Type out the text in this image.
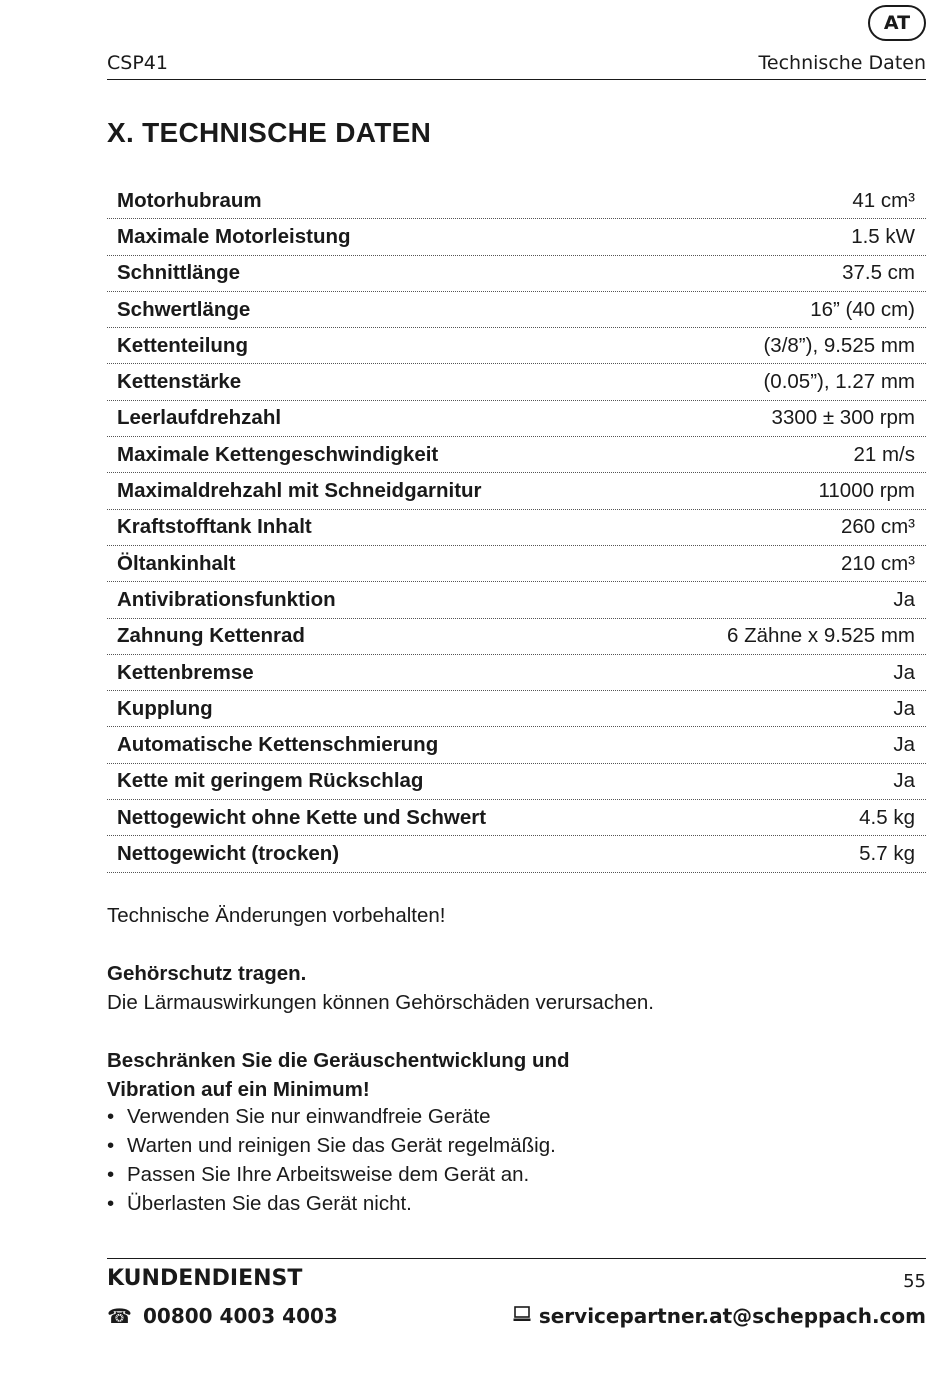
AT
CSP41	Technische Daten
X. TECHNISCHE DATEN
Motorhubraum	41 cm³
Maximale Motorleistung	1.5 kW
Schnittlänge	37.5 cm
Schwertlänge	16” (40 cm)
Kettenteilung	(3/8”), 9.525 mm
Kettenstärke	(0.05”), 1.27 mm
Leerlaufdrehzahl	3300 ± 300 rpm
Maximale Kettengeschwindigkeit	21 m/s
Maximaldrehzahl mit Schneidgarnitur	11000 rpm
Kraftstofftank Inhalt	260 cm³
Öltankinhalt	210 cm³
Antivibrationsfunktion	Ja
Zahnung Kettenrad	6 Zähne x 9.525 mm
Kettenbremse	Ja
Kupplung	Ja
Automatische Kettenschmierung	Ja
Kette mit geringem Rückschlag	Ja
Nettogewicht ohne Kette und Schwert	4.5 kg
Nettogewicht (trocken)	5.7 kg

Technische Änderungen vorbehalten!

Gehörschutz tragen.

Die Lärmauswirkungen können Gehörschäden verursachen.

Beschränken Sie die Geräuschentwicklung und

Vibration auf ein Minimum!

• Verwenden Sie nur einwandfreie Geräte
• Warten und reinigen Sie das Gerät regelmäßig.
• Passen Sie Ihre Arbeitsweise dem Gerät an.
• Überlasten Sie das Gerät nicht.
KUNDENDIENST	55
☎ 00800 4003 4003	servicepartner.at@scheppach.com
